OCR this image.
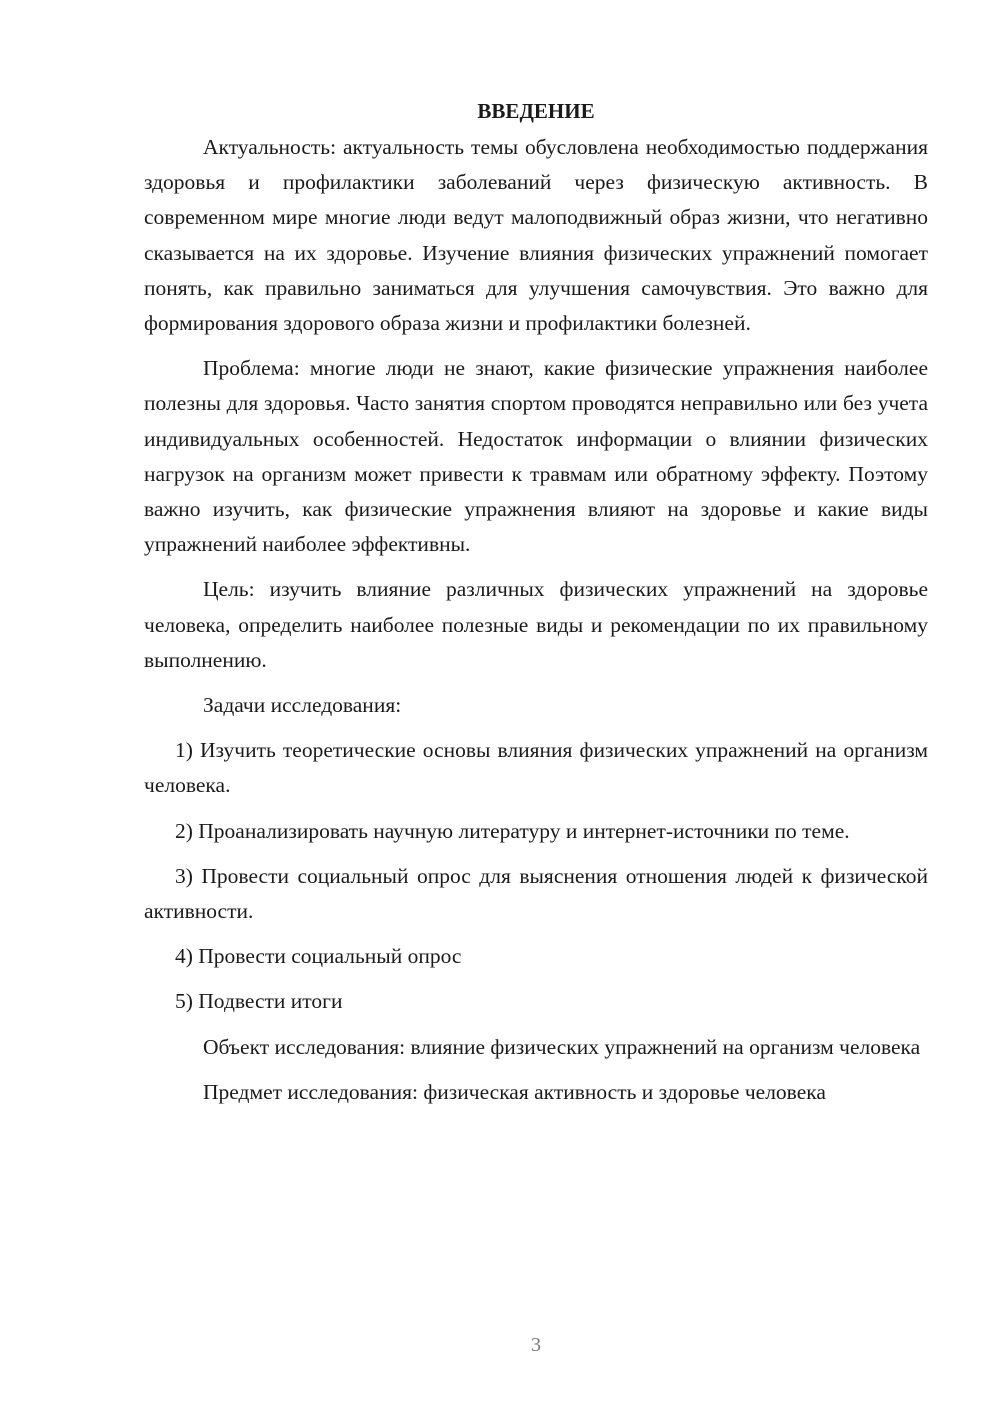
ВВЕДЕНИЕ

Актуальность: актуальность темы обусловлена необходимостью поддержания здоровья и профилактики заболеваний через физическую активность. В современном мире многие люди ведут малоподвижный образ жизни, что негативно сказывается на их здоровье. Изучение влияния физических упражнений помогает понять, как правильно заниматься для улучшения самочувствия. Это важно для формирования здорового образа жизни и профилактики болезней.

Проблема: многие люди не знают, какие физические упражнения наиболее полезны для здоровья. Часто занятия спортом проводятся неправильно или без учета индивидуальных особенностей. Недостаток информации о влиянии физических нагрузок на организм может привести к травмам или обратному эффекту. Поэтому важно изучить, как физические упражнения влияют на здоровье и какие виды упражнений наиболее эффективны.

Цель: изучить влияние различных физических упражнений на здоровье человека, определить наиболее полезные виды и рекомендации по их правильному выполнению.

Задачи исследования:

1) Изучить теоретические основы влияния физических упражнений на организм человека.

2) Проанализировать научную литературу и интернет-источники по теме.

3) Провести социальный опрос для выяснения отношения людей к физической активности.

4) Провести социальный опрос

5) Подвести итоги

Объект исследования: влияние физических упражнений на организм человека

Предмет исследования: физическая активность и здоровье человека

3
